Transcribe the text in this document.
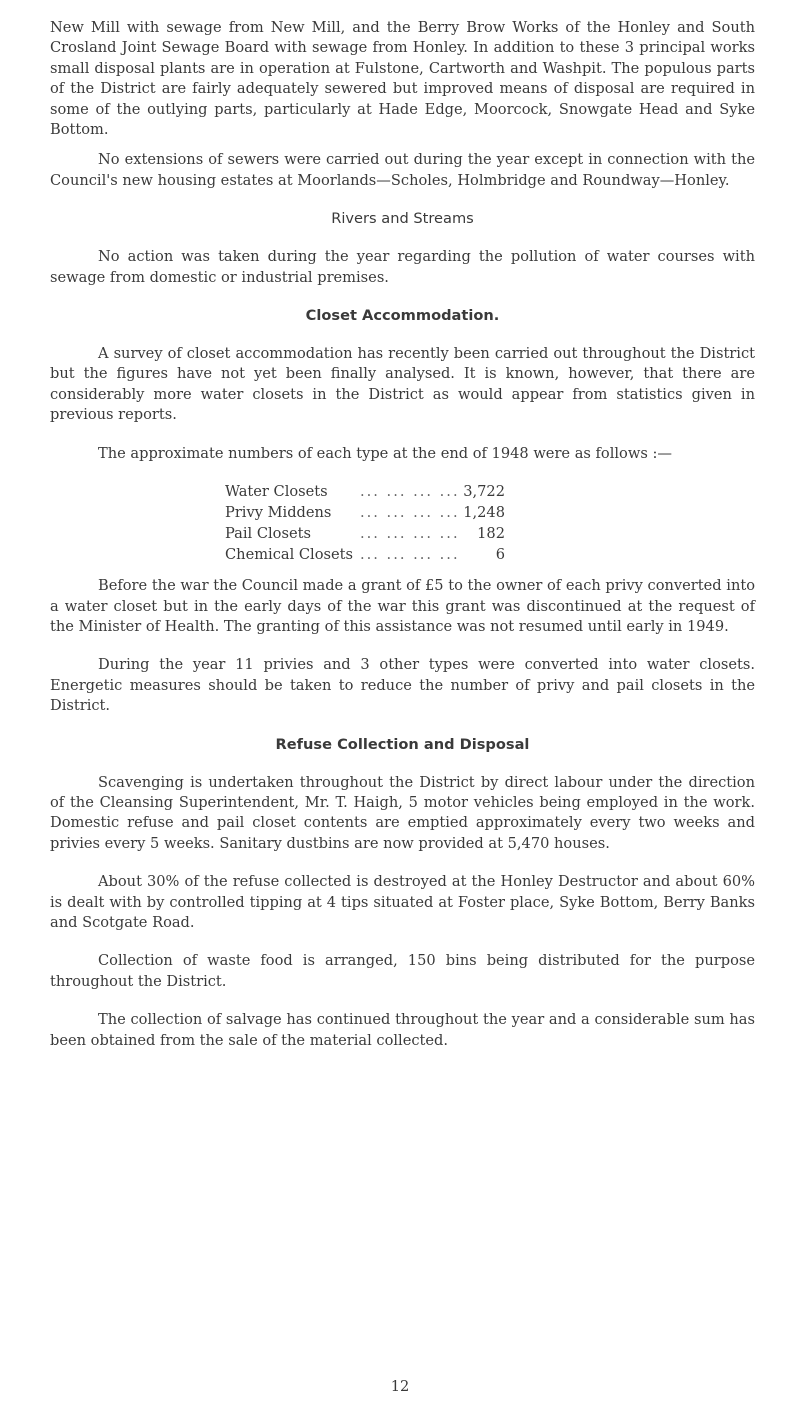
New Mill with sewage from New Mill, and the Berry Brow Works of the Honley and South Crosland Joint Sewage Board with sewage from Honley. In addition to these 3 principal works small disposal plants are in operation at Fulstone, Cartworth and Washpit. The populous parts of the District are fairly adequately sewered but improved means of disposal are required in some of the outlying parts, particularly at Hade Edge, Moorcock, Snowgate Head and Syke Bottom.

No extensions of sewers were carried out during the year except in connection with the Council's new housing estates at Moorlands—Scholes, Holmbridge and Roundway—Honley.

Rivers and Streams

No action was taken during the year regarding the pollution of water courses with sewage from domestic or industrial premises.

Closet Accommodation.

A survey of closet accommodation has recently been carried out throughout the District but the figures have not yet been finally analysed. It is known, however, that there are considerably more water closets in the District as would appear from statistics given in previous reports.

The approximate numbers of each type at the end of 1948 were as follows :—

Water Closets	... ... ... ...	3,722
Privy Middens	... ... ... ...	1,248
Pail Closets	... ... ... ...	182
Chemical Closets	... ... ... ...	6

Before the war the Council made a grant of £5 to the owner of each privy converted into a water closet but in the early days of the war this grant was discontinued at the request of the Minister of Health. The granting of this assistance was not resumed until early in 1949.

During the year 11 privies and 3 other types were converted into water closets. Energetic measures should be taken to reduce the number of privy and pail closets in the District.

Refuse Collection and Disposal

Scavenging is undertaken throughout the District by direct labour under the direction of the Cleansing Superintendent, Mr. T. Haigh, 5 motor vehicles being employed in the work. Domestic refuse and pail closet contents are emptied approximately every two weeks and privies every 5 weeks. Sanitary dustbins are now provided at 5,470 houses.

About 30% of the refuse collected is destroyed at the Honley Destructor and about 60% is dealt with by controlled tipping at 4 tips situated at Foster place, Syke Bottom, Berry Banks and Scotgate Road.

Collection of waste food is arranged, 150 bins being distributed for the purpose throughout the District.

The collection of salvage has continued throughout the year and a considerable sum has been obtained from the sale of the material collected.

12
